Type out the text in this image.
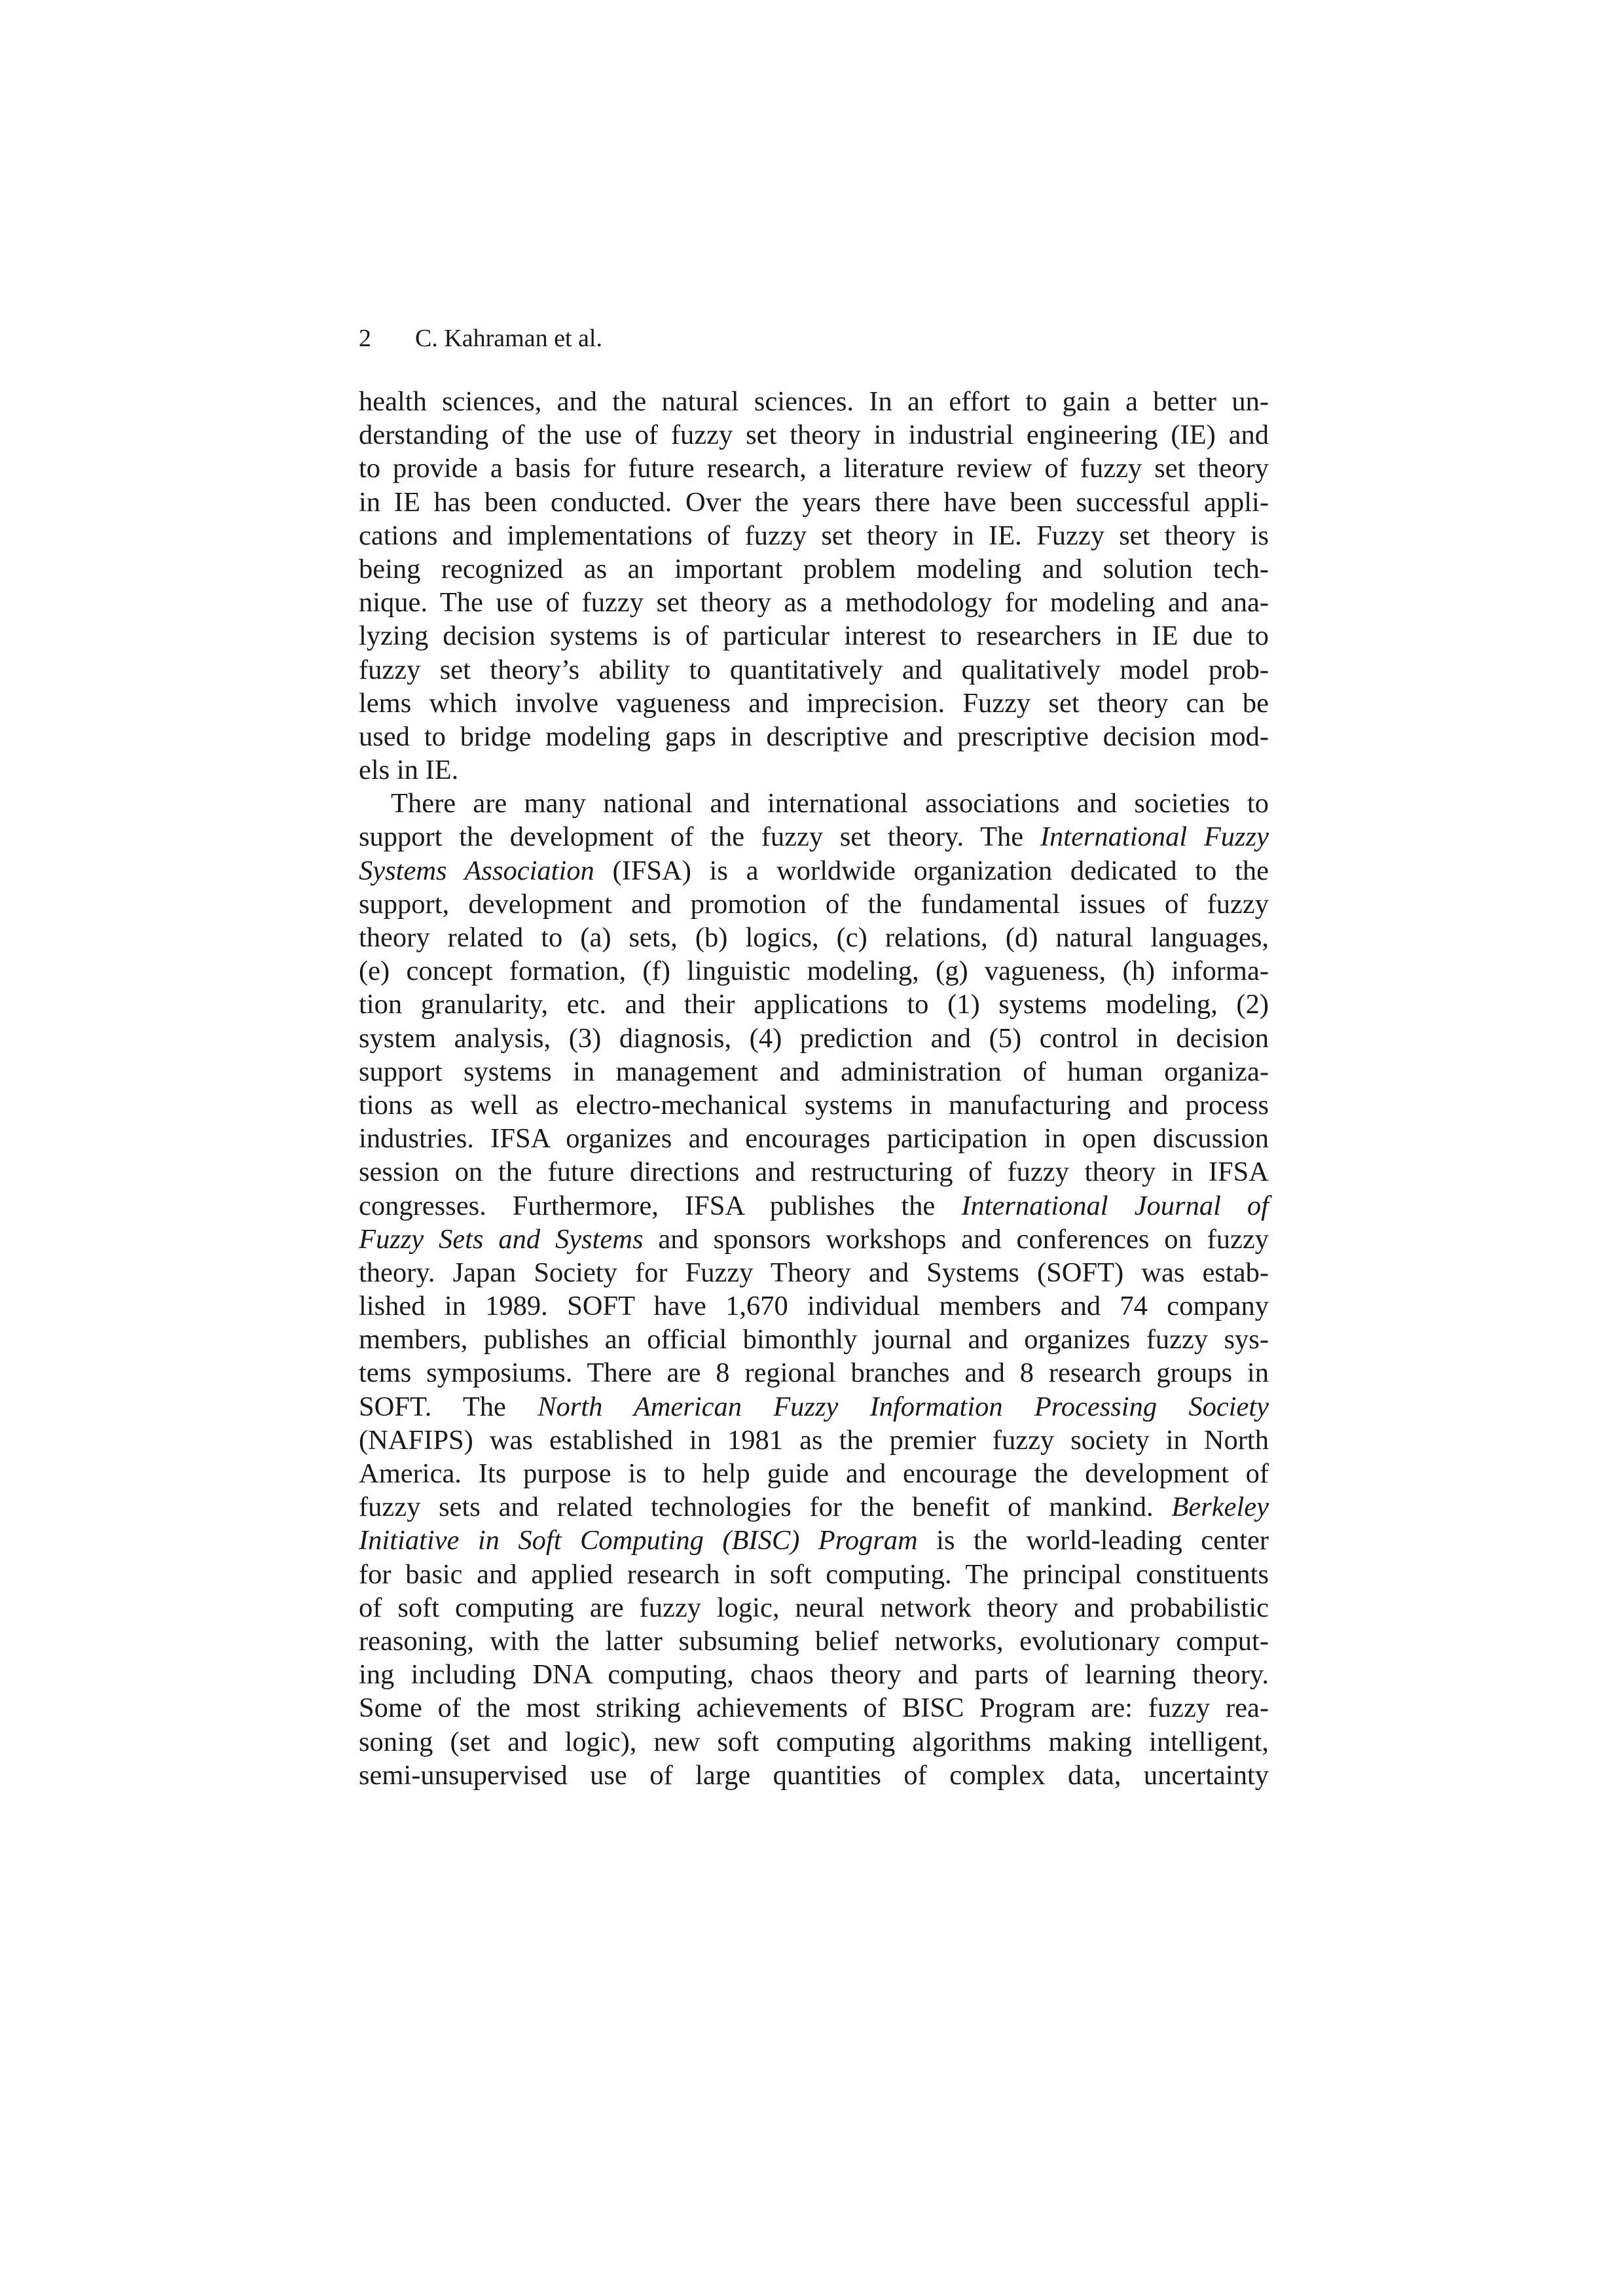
2 C. Kahraman et al.
health sciences, and the natural sciences. In an effort to gain a better un-
derstanding of the use of fuzzy set theory in industrial engineering (IE) and
to provide a basis for future research, a literature review of fuzzy set theory
in IE has been conducted. Over the years there have been successful appli-
cations and implementations of fuzzy set theory in IE. Fuzzy set theory is
being recognized as an important problem modeling and solution tech-
nique. The use of fuzzy set theory as a methodology for modeling and ana-
lyzing decision systems is of particular interest to researchers in IE due to
fuzzy set theory’s ability to quantitatively and qualitatively model prob-
lems which involve vagueness and imprecision. Fuzzy set theory can be
used to bridge modeling gaps in descriptive and prescriptive decision mod-
els in IE.
There are many national and international associations and societies to
support the development of the fuzzy set theory. The International Fuzzy
Systems Association (IFSA) is a worldwide organization dedicated to the
support, development and promotion of the fundamental issues of fuzzy
theory related to (a) sets, (b) logics, (c) relations, (d) natural languages,
(e) concept formation, (f) linguistic modeling, (g) vagueness, (h) informa-
tion granularity, etc. and their applications to (1) systems modeling, (2)
system analysis, (3) diagnosis, (4) prediction and (5) control in decision
support systems in management and administration of human organiza-
tions as well as electro-mechanical systems in manufacturing and process
industries. IFSA organizes and encourages participation in open discussion
session on the future directions and restructuring of fuzzy theory in IFSA
congresses. Furthermore, IFSA publishes the International Journal of
Fuzzy Sets and Systems and sponsors workshops and conferences on fuzzy
theory. Japan Society for Fuzzy Theory and Systems (SOFT) was estab-
lished in 1989. SOFT have 1,670 individual members and 74 company
members, publishes an official bimonthly journal and organizes fuzzy sys-
tems symposiums. There are 8 regional branches and 8 research groups in
SOFT. The North American Fuzzy Information Processing Society
(NAFIPS) was established in 1981 as the premier fuzzy society in North
America. Its purpose is to help guide and encourage the development of
fuzzy sets and related technologies for the benefit of mankind. Berkeley
Initiative in Soft Computing (BISC) Program is the world-leading center
for basic and applied research in soft computing. The principal constituents
of soft computing are fuzzy logic, neural network theory and probabilistic
reasoning, with the latter subsuming belief networks, evolutionary comput-
ing including DNA computing, chaos theory and parts of learning theory.
Some of the most striking achievements of BISC Program are: fuzzy rea-
soning (set and logic), new soft computing algorithms making intelligent,
semi-unsupervised use of large quantities of complex data, uncertainty
